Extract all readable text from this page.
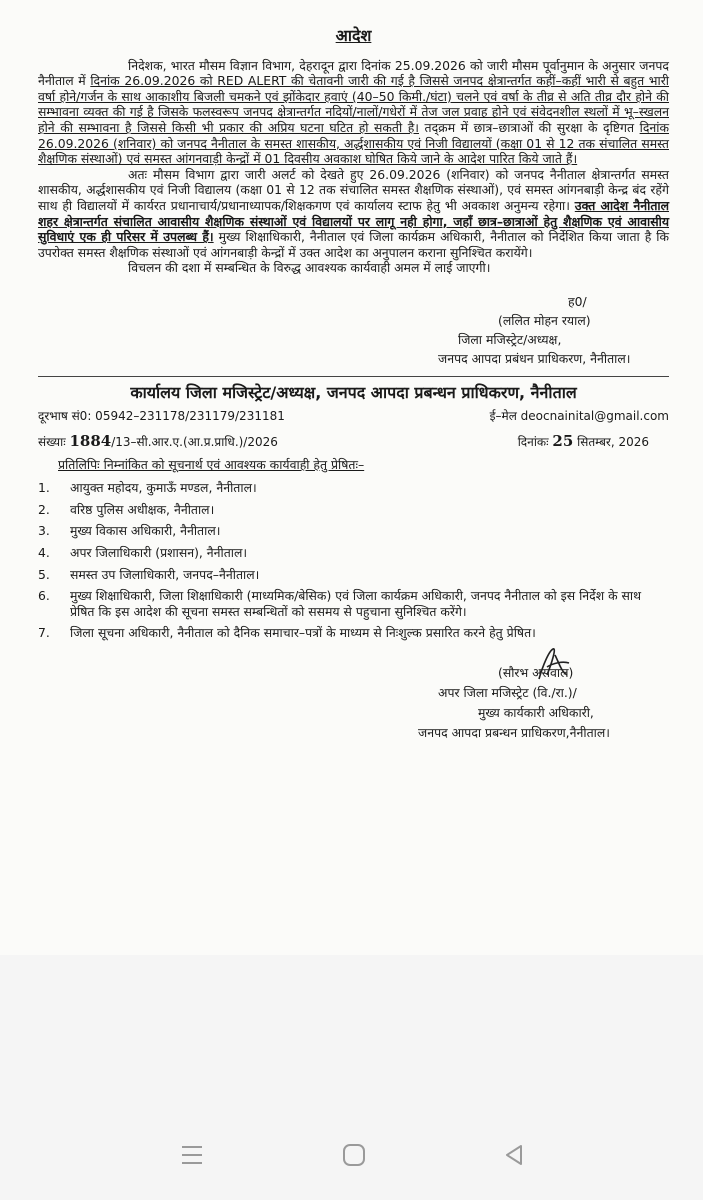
आदेश

निदेशक, भारत मौसम विज्ञान विभाग, देहरादून द्वारा दिनांक 25.09.2026 को जारी मौसम पूर्वानुमान के अनुसार जनपद नैनीताल में दिनांक 26.09.2026 को RED ALERT की चेतावनी जारी की गई है जिससे जनपद क्षेत्रान्तर्गत कहीं–कहीं भारी से बहुत भारी वर्षा होने/गर्जन के साथ आकाशीय बिजली चमकने एवं झोंकेदार हवाएं (40–50 किमी./घंटा) चलने एवं वर्षा के तीव्र से अति तीव्र दौर होने की सम्भावना व्यक्त की गई है जिसके फलस्वरूप जनपद क्षेत्रान्तर्गत नदियों/नालों/गधेरों में तेज जल प्रवाह होने एवं संवेदनशील स्थलों में भू–स्खलन होने की सम्भावना है जिससे किसी भी प्रकार की अप्रिय घटना घटित हो सकती है। तद्क्रम में छात्र–छात्राओं की सुरक्षा के दृष्टिगत दिनांक 26.09.2026 (शनिवार) को जनपद नैनीताल के समस्त शासकीय, अर्द्धशासकीय एवं निजी विद्यालयों (कक्षा 01 से 12 तक संचालित समस्त शैक्षणिक संस्थाओं) एवं समस्त आंगनवाड़ी केन्द्रों में 01 दिवसीय अवकाश घोषित किये जाने के आदेश पारित किये जाते हैं।

अतः मौसम विभाग द्वारा जारी अलर्ट को देखते हुए 26.09.2026 (शनिवार) को जनपद नैनीताल क्षेत्रान्तर्गत समस्त शासकीय, अर्द्धशासकीय एवं निजी विद्यालय (कक्षा 01 से 12 तक संचालित समस्त शैक्षणिक संस्थाओं), एवं समस्त आंगनबाड़ी केन्द्र बंद रहेंगे साथ ही विद्यालयों में कार्यरत प्रधानाचार्य/प्रधानाध्यापक/शिक्षकगण एवं कार्यालय स्टाफ हेतु भी अवकाश अनुमन्य रहेगा। उक्त आदेश नैनीताल शहर क्षेत्रान्तर्गत संचालित आवासीय शैक्षणिक संस्थाओं एवं विद्यालयों पर लागू नही होगा, जहाँ छात्र–छात्राओं हेतु शैक्षणिक एवं आवासीय सुविधाएं एक ही परिसर में उपलब्ध हैं। मुख्य शिक्षाधिकारी, नैनीताल एवं जिला कार्यक्रम अधिकारी, नैनीताल को निर्देशित किया जाता है कि उपरोक्त समस्त शैक्षणिक संस्थाओं एवं आंगनबाड़ी केन्द्रों में उक्त आदेश का अनुपालन कराना सुनिश्चित करायेंगे।

विचलन की दशा में सम्बन्धित के विरुद्ध आवश्यक कार्यवाही अमल में लाई जाएगी।

ह0/
(ललित मोहन रयाल)
जिला मजिस्ट्रेट/अध्यक्ष,
जनपद आपदा प्रबंधन प्राधिकरण, नैनीताल।
कार्यालय जिला मजिस्ट्रेट/अध्यक्ष, जनपद आपदा प्रबन्धन प्राधिकरण, नैनीताल
दूरभाष सं0: 05942–231178/231179/231181	ई–मेल deocnainital@gmail.com
संख्याः 1884/13–सी.आर.ए.(आ.प्र.प्राधि.)/2026	दिनांकः 25 सितम्बर, 2026
प्रतिलिपिः निम्नांकित को सूचनार्थ एवं आवश्यक कार्यवाही हेतु प्रेषितः–
1.	आयुक्त महोदय, कुमाऊँ मण्डल, नैनीताल।
2.	वरिष्ठ पुलिस अधीक्षक, नैनीताल।
3.	मुख्य विकास अधिकारी, नैनीताल।
4.	अपर जिलाधिकारी (प्रशासन), नैनीताल।
5.	समस्त उप जिलाधिकारी, जनपद–नैनीताल।
6.	मुख्य शिक्षाधिकारी, जिला शिक्षाधिकारी (माध्यमिक/बेसिक) एवं जिला कार्यक्रम अधिकारी, जनपद नैनीताल को इस निर्देश के साथ प्रेषित कि इस आदेश की सूचना समस्त सम्बन्धितों को ससमय से पहुचाना सुनिश्चित करेंगे।
7.	जिला सूचना अधिकारी, नैनीताल को दैनिक समाचार–पत्रों के माध्यम से निःशुल्क प्रसारित करने हेतु प्रेषित।
(सौरभ असवाल)
अपर जिला मजिस्ट्रेट (वि./रा.)/
मुख्य कार्यकारी अधिकारी,
जनपद आपदा प्रबन्धन प्राधिकरण,नैनीताल।
